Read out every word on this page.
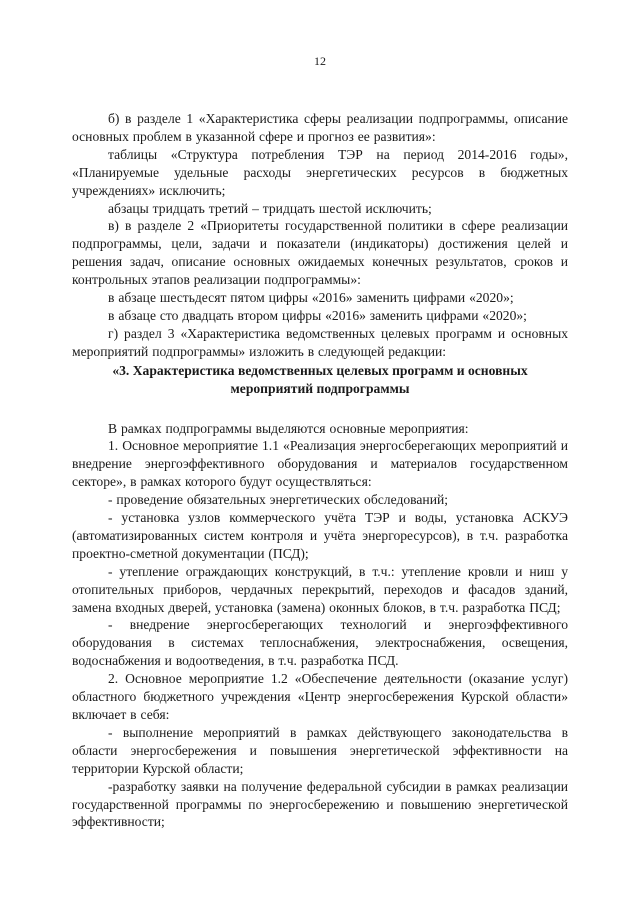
12

б) в разделе 1 «Характеристика сферы реализации подпрограммы, описание основных проблем в указанной сфере и прогноз ее развития»:

таблицы «Структура потребления ТЭР на период 2014-2016 годы», «Планируемые удельные расходы энергетических ресурсов в бюджетных учреждениях» исключить;

абзацы тридцать третий – тридцать шестой исключить;

в) в разделе 2 «Приоритеты государственной политики в сфере реализации подпрограммы, цели, задачи и показатели (индикаторы) достижения целей и решения задач, описание основных ожидаемых конечных результатов, сроков и контрольных этапов реализации подпрограммы»:

в абзаце шестьдесят пятом цифры «2016» заменить цифрами «2020»;

в абзаце сто двадцать втором цифры «2016» заменить цифрами «2020»;

г) раздел 3 «Характеристика ведомственных целевых программ и основных мероприятий подпрограммы» изложить в следующей редакции:

«3. Характеристика ведомственных целевых программ и основных мероприятий подпрограммы

В рамках подпрограммы выделяются основные мероприятия:

1. Основное мероприятие 1.1 «Реализация энергосберегающих мероприятий и внедрение энергоэффективного оборудования и материалов государственном секторе», в рамках которого будут осуществляться:

- проведение обязательных энергетических обследований;

- установка узлов коммерческого учёта ТЭР и воды, установка АСКУЭ (автоматизированных систем контроля и учёта энергоресурсов), в т.ч. разработка проектно-сметной документации (ПСД);

- утепление ограждающих конструкций, в т.ч.: утепление кровли и ниш у отопительных приборов, чердачных перекрытий, переходов и фасадов зданий, замена входных дверей, установка (замена) оконных блоков, в т.ч. разработка ПСД;

- внедрение энергосберегающих технологий и энергоэффективного оборудования в системах теплоснабжения, электроснабжения, освещения, водоснабжения и водоотведения, в т.ч. разработка ПСД.

2. Основное мероприятие 1.2 «Обеспечение деятельности (оказание услуг) областного бюджетного учреждения «Центр энергосбережения Курской области» включает в себя:

- выполнение мероприятий в рамках действующего законодательства в области энергосбережения и повышения энергетической эффективности на территории Курской области;

-разработку заявки на получение федеральной субсидии в рамках реализации государственной программы по энергосбережению и повышению энергетической эффективности;
